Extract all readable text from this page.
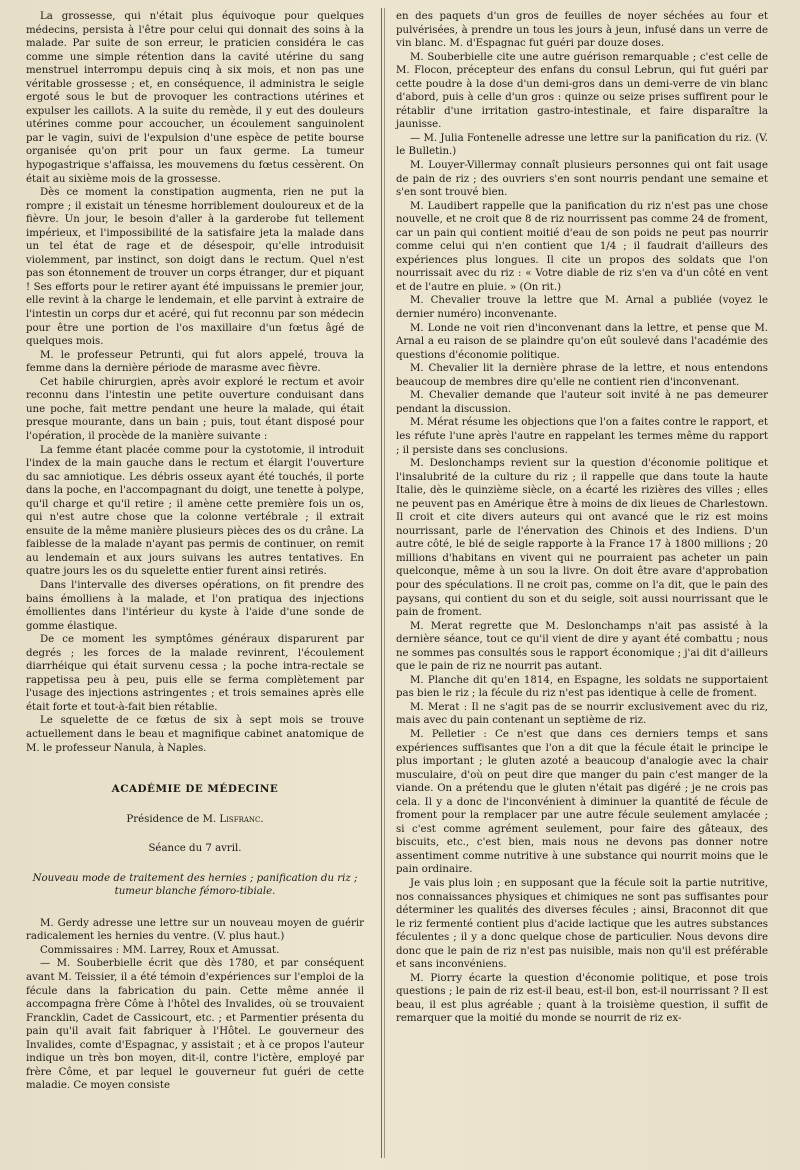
La grossesse, qui n'était plus équivoque pour quelques médecins, persista à l'être pour celui qui donnait des soins à la malade. Par suite de son erreur, le praticien considéra le cas comme une simple rétention dans la cavité utérine du sang menstruel interrompu depuis cinq à six mois, et non pas une véritable grossesse ; et, en conséquence, il administra le seigle ergoté sous le but de provoquer les contractions utérines et expulser les caillots. A la suite du remède, il y eut des douleurs utérines comme pour accoucher, un écoulement sanguinolent par le vagin, suivi de l'expulsion d'une espèce de petite bourse organisée qu'on prit pour un faux germe. La tumeur hypogastrique s'affaissa, les mouvemens du fœtus cessèrent. On était au sixième mois de la grossesse.

Dès ce moment la constipation augmenta, rien ne put la rompre ; il existait un ténesme horriblement douloureux et de la fièvre. Un jour, le besoin d'aller à la garderobe fut tellement impérieux, et l'impossibilité de la satisfaire jeta la malade dans un tel état de rage et de désespoir, qu'elle introduisit violemment, par instinct, son doigt dans le rectum. Quel n'est pas son étonnement de trouver un corps étranger, dur et piquant ! Ses efforts pour le retirer ayant été impuissans le premier jour, elle revint à la charge le lendemain, et elle parvint à extraire de l'intestin un corps dur et acéré, qui fut reconnu par son médecin pour être une portion de l'os maxillaire d'un fœtus âgé de quelques mois.

M. le professeur Petrunti, qui fut alors appelé, trouva la femme dans la dernière période de marasme avec fièvre.

Cet habile chirurgien, après avoir exploré le rectum et avoir reconnu dans l'intestin une petite ouverture conduisant dans une poche, fait mettre pendant une heure la malade, qui était presque mourante, dans un bain ; puis, tout étant disposé pour l'opération, il procède de la manière suivante :

La femme étant placée comme pour la cystotomie, il introduit l'index de la main gauche dans le rectum et élargit l'ouverture du sac amniotique. Les débris osseux ayant été touchés, il porte dans la poche, en l'accompagnant du doigt, une tenette à polype, qu'il charge et qu'il retire ; il amène cette première fois un os, qui n'est autre chose que la colonne vertébrale ; il extrait ensuite de la même manière plusieurs pièces des os du crâne. La faiblesse de la malade n'ayant pas permis de continuer, on remit au lendemain et aux jours suivans les autres tentatives. En quatre jours les os du squelette entier furent ainsi retirés.

Dans l'intervalle des diverses opérations, on fit prendre des bains émolliens à la malade, et l'on pratiqua des injections émollientes dans l'intérieur du kyste à l'aide d'une sonde de gomme élastique.

De ce moment les symptômes généraux disparurent par degrés ; les forces de la malade revinrent, l'écoulement diarrhéique qui était survenu cessa ; la poche intra-rectale se rappetissa peu à peu, puis elle se ferma complètement par l'usage des injections astringentes ; et trois semaines après elle était forte et tout-à-fait bien rétablie.

Le squelette de ce fœtus de six à sept mois se trouve actuellement dans le beau et magnifique cabinet anatomique de M. le professeur Nanula, à Naples.

ACADÉMIE DE MÉDECINE

Présidence de M. Lisfranc.

Séance du 7 avril.

Nouveau mode de traitement des hernies ; panification du riz ; tumeur blanche fémoro-tibiale.

M. Gerdy adresse une lettre sur un nouveau moyen de guérir radicalement les hernies du ventre. (V. plus haut.)

Commissaires : MM. Larrey, Roux et Amussat.

— M. Souberbielle écrit que dès 1780, et par conséquent avant M. Teissier, il a été témoin d'expériences sur l'emploi de la fécule dans la fabrication du pain. Cette même année il accompagna frère Côme à l'hôtel des Invalides, où se trouvaient Francklin, Cadet de Cassicourt, etc. ; et Parmentier présenta du pain qu'il avait fait fabriquer à l'Hôtel. Le gouverneur des Invalides, comte d'Espagnac, y assistait ; et à ce propos l'auteur indique un très bon moyen, dit-il, contre l'ictère, employé par frère Côme, et par lequel le gouverneur fut guéri de cette maladie. Ce moyen consiste

en des paquets d'un gros de feuilles de noyer séchées au four et pulvérisées, à prendre un tous les jours à jeun, infusé dans un verre de vin blanc. M. d'Espagnac fut guéri par douze doses.

M. Souberbielle cite une autre guérison remarquable ; c'est celle de M. Flocon, précepteur des enfans du consul Lebrun, qui fut guéri par cette poudre à la dose d'un demi-gros dans un demi-verre de vin blanc d'abord, puis à celle d'un gros : quinze ou seize prises suffirent pour le rétablir d'une irritation gastro-intestinale, et faire disparaître la jaunisse.

— M. Julia Fontenelle adresse une lettre sur la panification du riz. (V. le Bulletin.)

M. Louyer-Villermay connaît plusieurs personnes qui ont fait usage de pain de riz ; des ouvriers s'en sont nourris pendant une semaine et s'en sont trouvé bien.

M. Laudibert rappelle que la panification du riz n'est pas une chose nouvelle, et ne croit que 8 de riz nourrissent pas comme 24 de froment, car un pain qui contient moitié d'eau de son poids ne peut pas nourrir comme celui qui n'en contient que 1/4 ; il faudrait d'ailleurs des expériences plus longues. Il cite un propos des soldats que l'on nourrissait avec du riz : « Votre diable de riz s'en va d'un côté en vent et de l'autre en pluie. » (On rit.)

M. Chevalier trouve la lettre que M. Arnal a publiée (voyez le dernier numéro) inconvenante.

M. Londe ne voit rien d'inconvenant dans la lettre, et pense que M. Arnal a eu raison de se plaindre qu'on eût soulevé dans l'académie des questions d'économie politique.

M. Chevalier lit la dernière phrase de la lettre, et nous entendons beaucoup de membres dire qu'elle ne contient rien d'inconvenant.

M. Chevalier demande que l'auteur soit invité à ne pas demeurer pendant la discussion.

M. Mérat résume les objections que l'on a faites contre le rapport, et les réfute l'une après l'autre en rappelant les termes même du rapport ; il persiste dans ses conclusions.

M. Deslonchamps revient sur la question d'économie politique et l'insalubrité de la culture du riz ; il rappelle que dans toute la haute Italie, dès le quinzième siècle, on a écarté les rizières des villes ; elles ne peuvent pas en Amérique être à moins de dix lieues de Charlestown. Il croit et cite divers auteurs qui ont avancé que le riz est moins nourrissant, parle de l'énervation des Chinois et des Indiens. D'un autre côté, le blé de seigle rapporte à la France 17 à 1800 millions ; 20 millions d'habitans en vivent qui ne pourraient pas acheter un pain quelconque, même à un sou la livre. On doit être avare d'approbation pour des spéculations. Il ne croit pas, comme on l'a dit, que le pain des paysans, qui contient du son et du seigle, soit aussi nourrissant que le pain de froment.

M. Merat regrette que M. Deslonchamps n'ait pas assisté à la dernière séance, tout ce qu'il vient de dire y ayant été combattu ; nous ne sommes pas consultés sous le rapport économique ; j'ai dit d'ailleurs que le pain de riz ne nourrit pas autant.

M. Planche dit qu'en 1814, en Espagne, les soldats ne supportaient pas bien le riz ; la fécule du riz n'est pas identique à celle de froment.

M. Merat : Il ne s'agit pas de se nourrir exclusivement avec du riz, mais avec du pain contenant un septième de riz.

M. Pelletier : Ce n'est que dans ces derniers temps et sans expériences suffisantes que l'on a dit que la fécule était le principe le plus important ; le gluten azoté a beaucoup d'analogie avec la chair musculaire, d'où on peut dire que manger du pain c'est manger de la viande. On a prétendu que le gluten n'était pas digéré ; je ne crois pas cela. Il y a donc de l'inconvénient à diminuer la quantité de fécule de froment pour la remplacer par une autre fécule seulement amylacée ; si c'est comme agrément seulement, pour faire des gâteaux, des biscuits, etc., c'est bien, mais nous ne devons pas donner notre assentiment comme nutritive à une substance qui nourrit moins que le pain ordinaire.

Je vais plus loin ; en supposant que la fécule soit la partie nutritive, nos connaissances physiques et chimiques ne sont pas suffisantes pour déterminer les qualités des diverses fécules ; ainsi, Braconnot dit que le riz fermenté contient plus d'acide lactique que les autres substances féculentes ; il y a donc quelque chose de particulier. Nous devons dire donc que le pain de riz n'est pas nuisible, mais non qu'il est préférable et sans inconvéniens.

M. Piorry écarte la question d'économie politique, et pose trois questions ; le pain de riz est-il beau, est-il bon, est-il nourrissant ? Il est beau, il est plus agréable ; quant à la troisième question, il suffit de remarquer que la moitié du monde se nourrit de riz ex-
